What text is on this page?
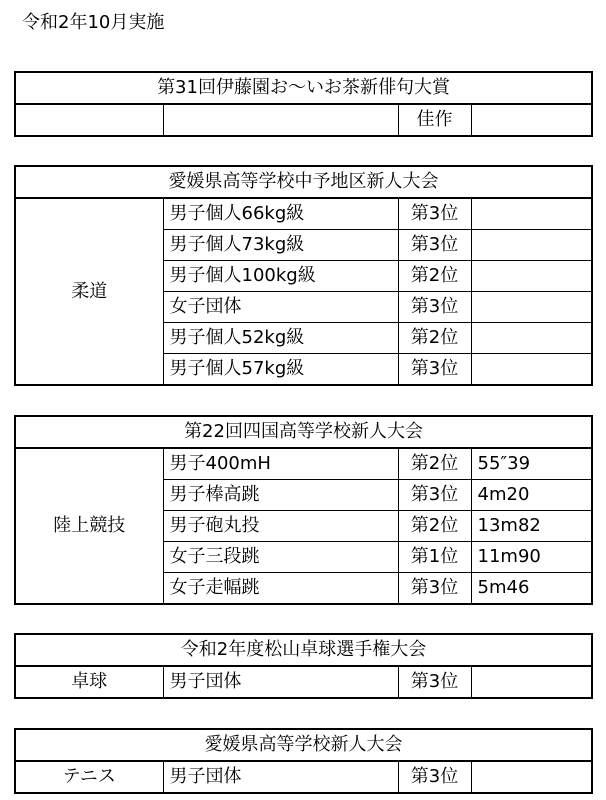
令和2年10月実施
第31回伊藤園お～いお茶新俳句大賞
		佳作	
愛媛県高等学校中予地区新人大会			
柔道	男子個人66kg級	第3位	
	男子個人73kg級	第3位	
	男子個人100kg級	第2位	
	女子団体	第3位	
	男子個人52kg級	第2位	
	男子個人57kg級	第3位	
第22回四国高等学校新人大会			
陸上競技	男子400mH	第2位	55″39
	男子棒高跳	第3位	4m20
	男子砲丸投	第2位	13m82
	女子三段跳	第1位	11m90
	女子走幅跳	第3位	5m46
令和2年度松山卓球選手権大会
卓球	男子団体	第3位	
愛媛県高等学校新人大会
テニス	男子団体	第3位	
